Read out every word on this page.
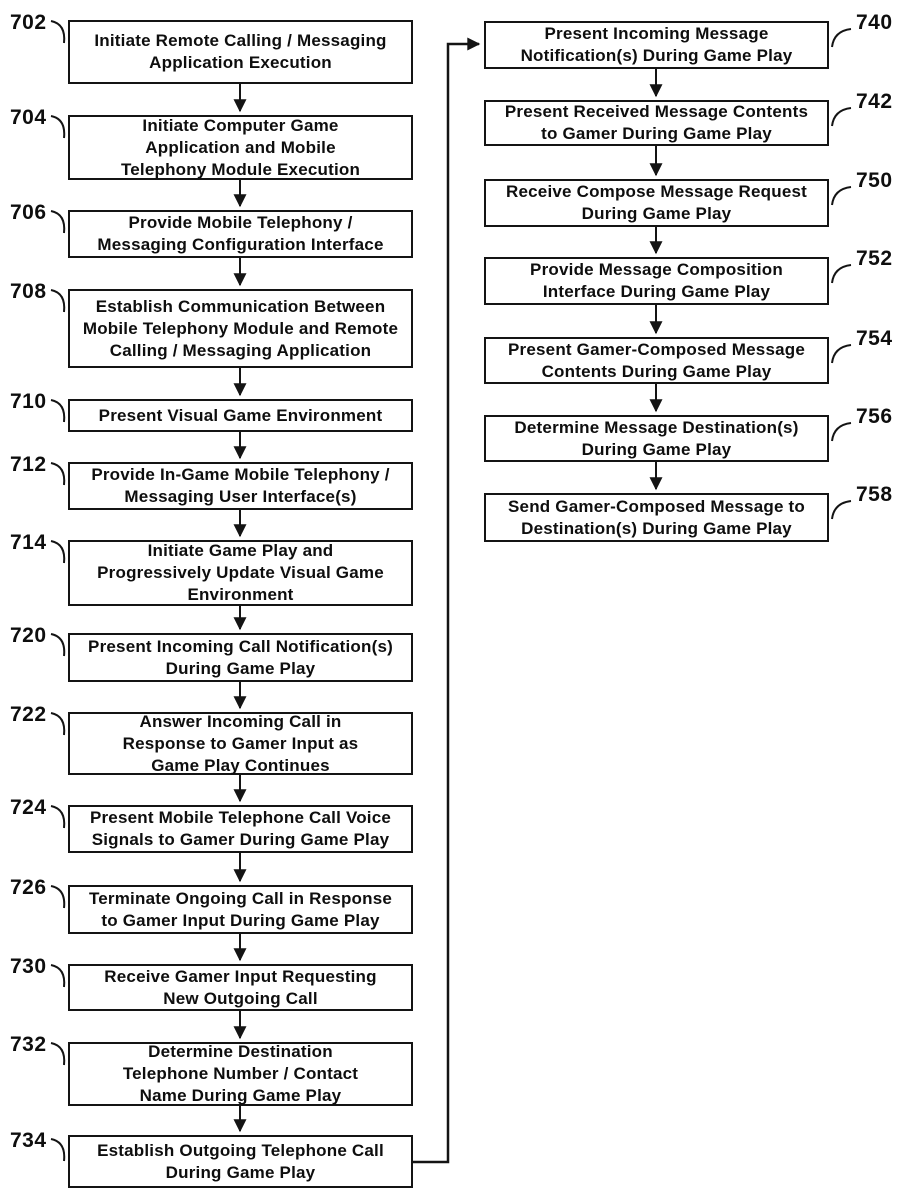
Initiate Remote Calling / Messaging
Application Execution
Initiate Computer Game
Application and Mobile
Telephony Module Execution
Provide Mobile Telephony /
Messaging Configuration Interface
Establish Communication Between
Mobile Telephony Module and Remote
Calling / Messaging Application
Present Visual Game Environment
Provide In-Game Mobile Telephony /
Messaging User Interface(s)
Initiate Game Play and
Progressively Update Visual Game
Environment
Present Incoming Call Notification(s)
During Game Play
Answer Incoming Call in
Response to Gamer Input as
Game Play Continues
Present Mobile Telephone Call Voice
Signals to Gamer During Game Play
Terminate Ongoing Call in Response
to Gamer Input During Game Play
Receive Gamer Input Requesting
New Outgoing Call
Determine Destination
Telephone Number / Contact
Name During Game Play
Establish Outgoing Telephone Call
During Game Play
Present Incoming Message
Notification(s) During Game Play
Present Received Message Contents
to Gamer During Game Play
Receive Compose Message Request
During Game Play
Provide Message Composition
Interface During Game Play
Present Gamer-Composed Message
Contents During Game Play
Determine Message Destination(s)
During Game Play
Send Gamer-Composed Message to
Destination(s) During Game Play
702
704
706
708
710
712
714
720
722
724
726
730
732
734
740
742
750
752
754
756
758
